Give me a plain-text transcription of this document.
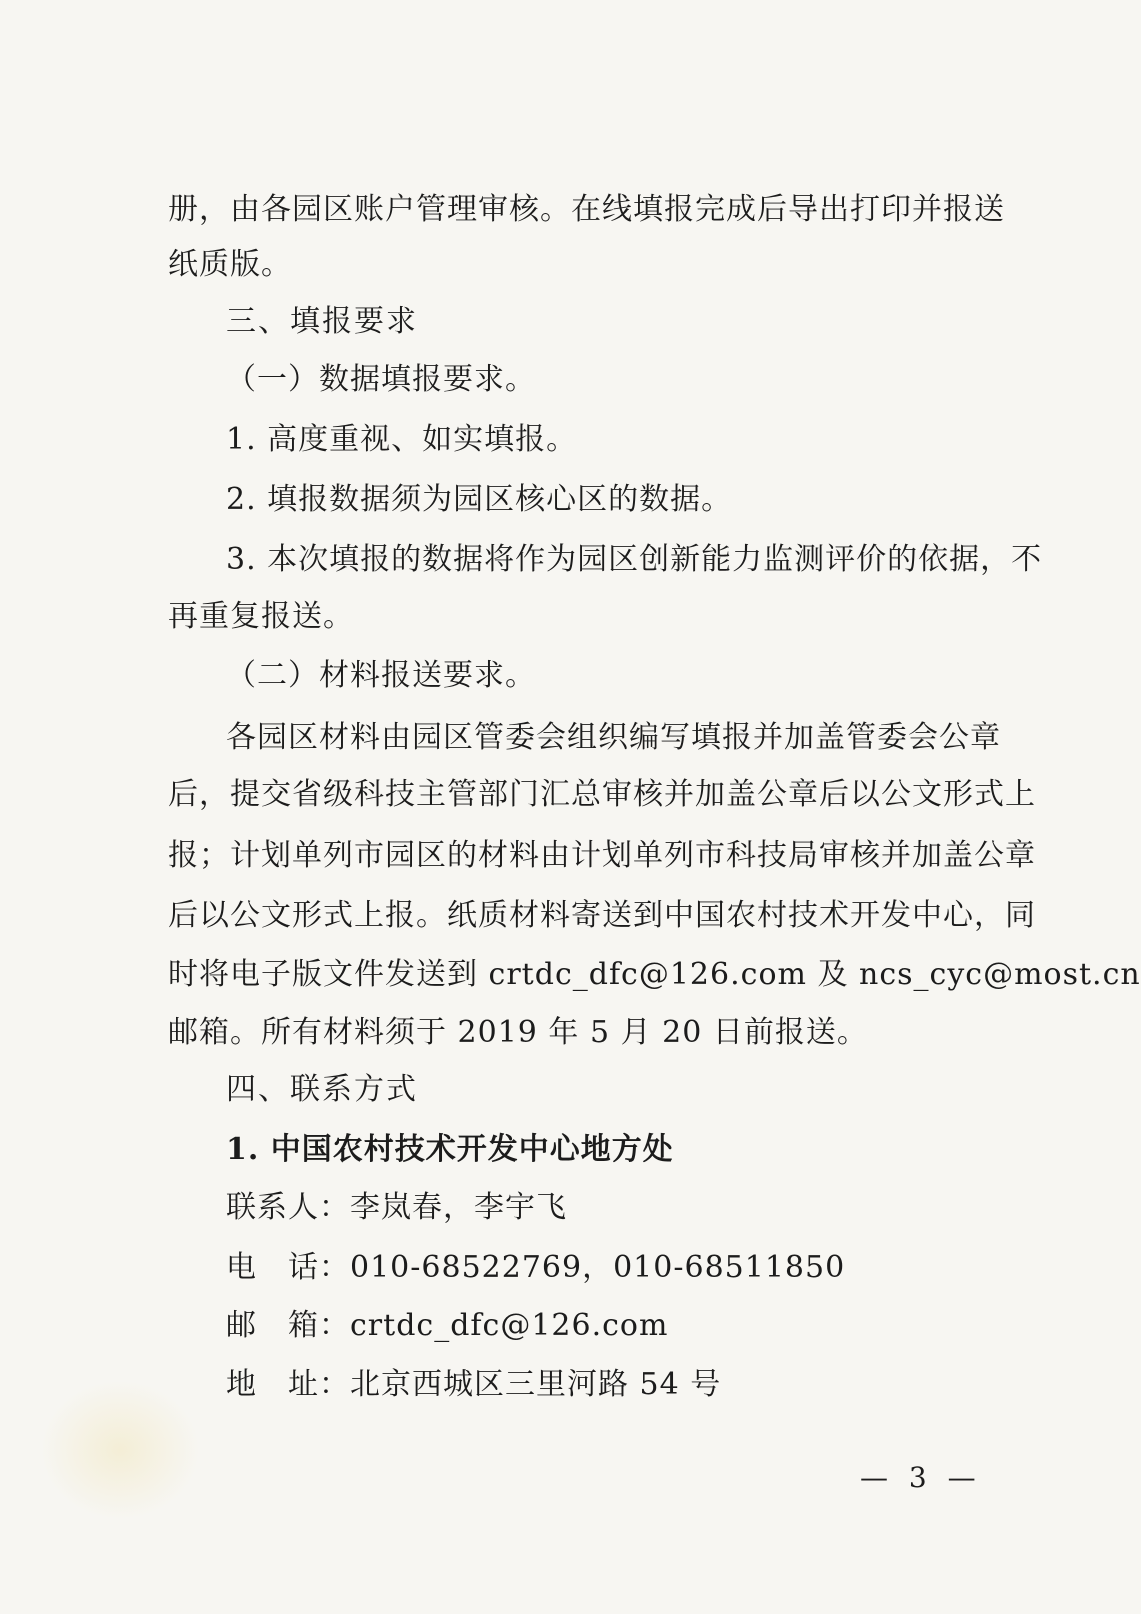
册，由各园区账户管理审核。在线填报完成后导出打印并报送
纸质版。
三、填报要求
（一）数据填报要求。
1. 高度重视、如实填报。
2. 填报数据须为园区核心区的数据。
3. 本次填报的数据将作为园区创新能力监测评价的依据，不
再重复报送。
（二）材料报送要求。
各园区材料由园区管委会组织编写填报并加盖管委会公章
后，提交省级科技主管部门汇总审核并加盖公章后以公文形式上
报；计划单列市园区的材料由计划单列市科技局审核并加盖公章
后以公文形式上报。纸质材料寄送到中国农村技术开发中心，同
时将电子版文件发送到 crtdc_dfc@126.com 及 ncs_cyc@most.cn
邮箱。所有材料须于 2019 年 5 月 20 日前报送。
四、联系方式
1. 中国农村技术开发中心地方处
联系人：李岚春，李宇飞
电　话：010-68522769，010-68511850
邮　箱：crtdc_dfc@126.com
地　址：北京西城区三里河路 54 号
— 3 —
